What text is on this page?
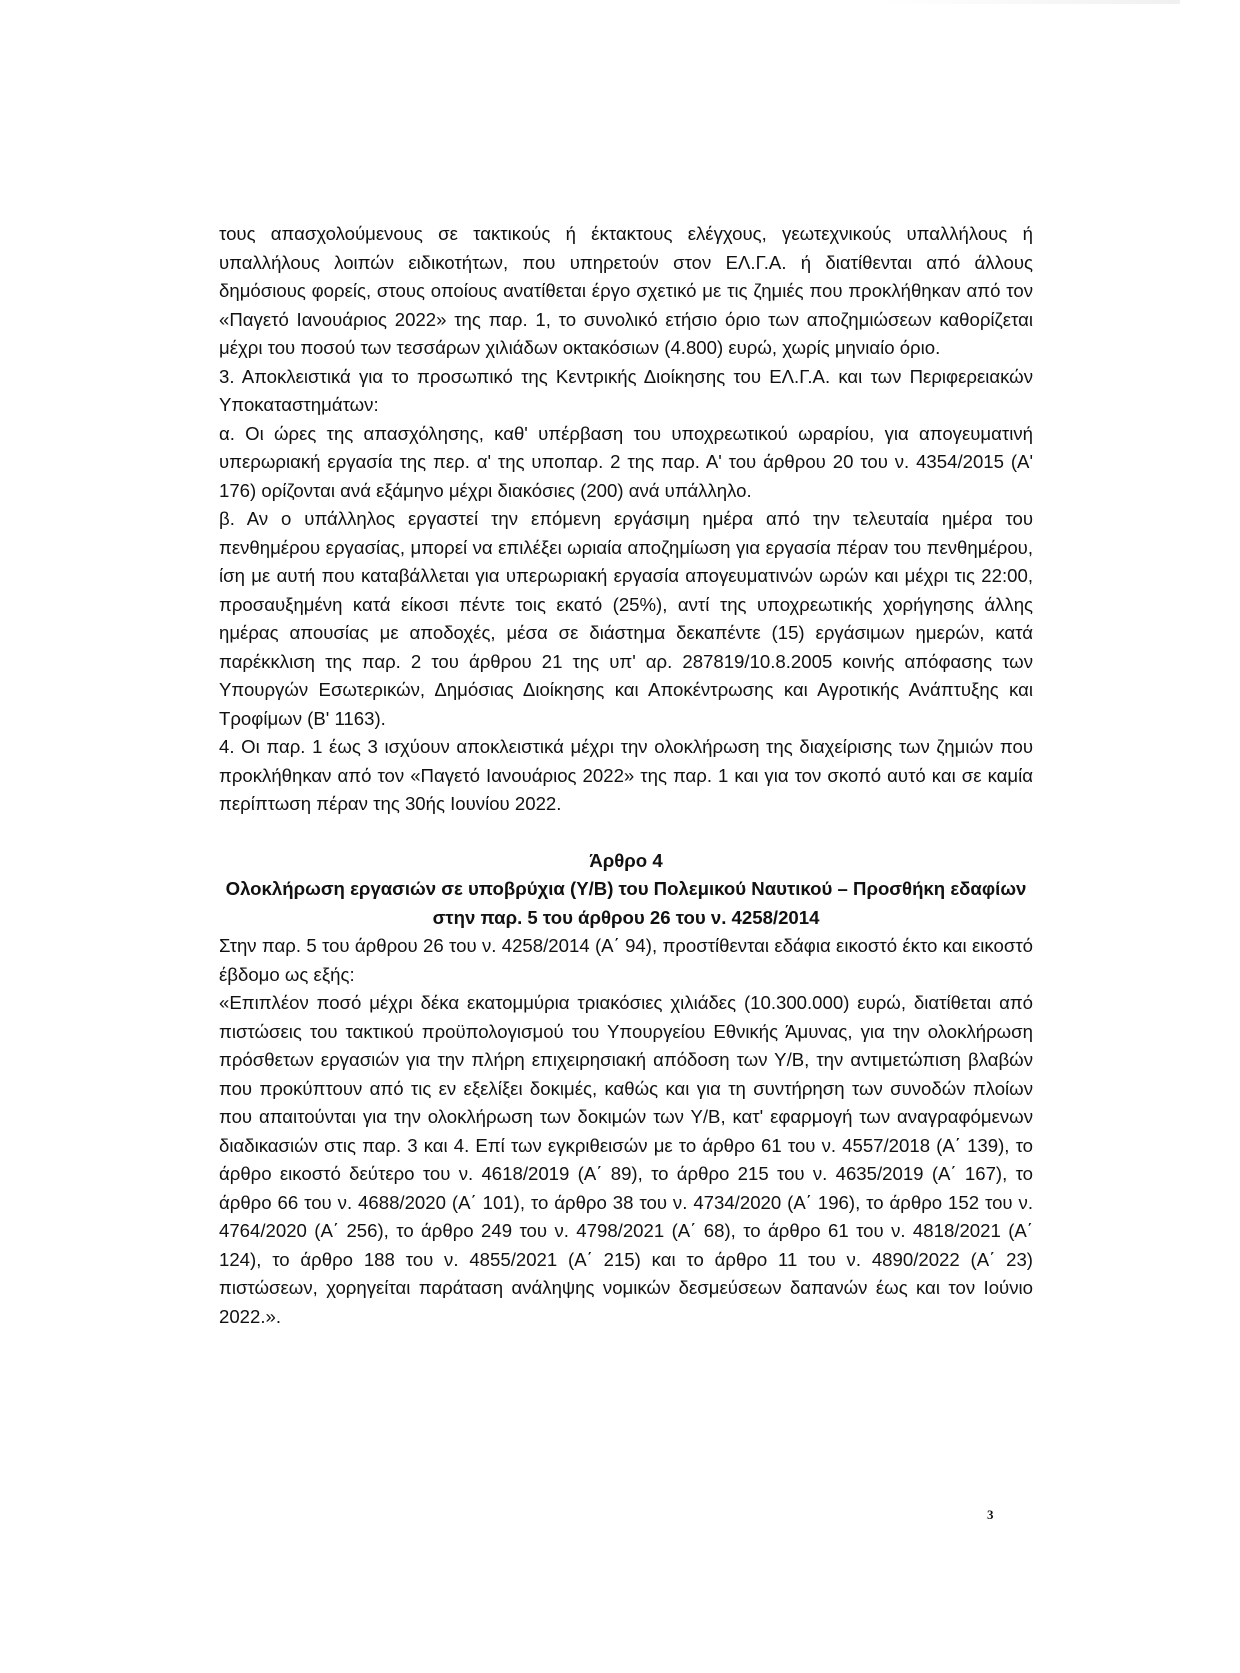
τους απασχολούμενους σε τακτικούς ή έκτακτους ελέγχους, γεωτεχνικούς υπαλλήλους ή υπαλλήλους λοιπών ειδικοτήτων, που υπηρετούν στον ΕΛ.Γ.Α. ή διατίθενται από άλλους δημόσιους φορείς, στους οποίους ανατίθεται έργο σχετικό με τις ζημιές που προκλήθηκαν από τον «Παγετό Ιανουάριος 2022» της παρ. 1, το συνολικό ετήσιο όριο των αποζημιώσεων καθορίζεται μέχρι του ποσού των τεσσάρων χιλιάδων οκτακόσιων (4.800) ευρώ, χωρίς μηνιαίο όριο.

3. Αποκλειστικά για το προσωπικό της Κεντρικής Διοίκησης του ΕΛ.Γ.Α. και των Περιφερειακών Υποκαταστημάτων:

α. Οι ώρες της απασχόλησης, καθ' υπέρβαση του υποχρεωτικού ωραρίου, για απογευματινή υπερωριακή εργασία της περ. α' της υποπαρ. 2 της παρ. Α' του άρθρου 20 του ν. 4354/2015 (Α' 176) ορίζονται ανά εξάμηνο μέχρι διακόσιες (200) ανά υπάλληλο.

β. Αν ο υπάλληλος εργαστεί την επόμενη εργάσιμη ημέρα από την τελευταία ημέρα του πενθημέρου εργασίας, μπορεί να επιλέξει ωριαία αποζημίωση για εργασία πέραν του πενθημέρου, ίση με αυτή που καταβάλλεται για υπερωριακή εργασία απογευματινών ωρών και μέχρι τις 22:00, προσαυξημένη κατά είκοσι πέντε τοις εκατό (25%), αντί της υποχρεωτικής χορήγησης άλλης ημέρας απουσίας με αποδοχές, μέσα σε διάστημα δεκαπέντε (15) εργάσιμων ημερών, κατά παρέκκλιση της παρ. 2 του άρθρου 21 της υπ' αρ. 287819/10.8.2005 κοινής απόφασης των Υπουργών Εσωτερικών, Δημόσιας Διοίκησης και Αποκέντρωσης και Αγροτικής Ανάπτυξης και Τροφίμων (Β' 1163).

4. Οι παρ. 1 έως 3 ισχύουν αποκλειστικά μέχρι την ολοκλήρωση της διαχείρισης των ζημιών που προκλήθηκαν από τον «Παγετό Ιανουάριος 2022» της παρ. 1 και για τον σκοπό αυτό και σε καμία περίπτωση πέραν της 30ής Ιουνίου 2022.

Άρθρο 4

Ολοκλήρωση εργασιών σε υποβρύχια (Υ/Β) του Πολεμικού Ναυτικού – Προσθήκη εδαφίων

στην παρ. 5 του άρθρου 26 του ν. 4258/2014

Στην παρ. 5 του άρθρου 26 του ν. 4258/2014 (Α΄ 94), προστίθενται εδάφια εικοστό έκτο και εικοστό έβδομο ως εξής:

«Επιπλέον ποσό μέχρι δέκα εκατομμύρια τριακόσιες χιλιάδες (10.300.000) ευρώ, διατίθεται από πιστώσεις του τακτικού προϋπολογισμού του Υπουργείου Εθνικής Άμυνας, για την ολοκλήρωση πρόσθετων εργασιών για την πλήρη επιχειρησιακή απόδοση των Υ/Β, την αντιμετώπιση βλαβών που προκύπτουν από τις εν εξελίξει δοκιμές, καθώς και για τη συντήρηση των συνοδών πλοίων που απαιτούνται για την ολοκλήρωση των δοκιμών των Υ/Β, κατ' εφαρμογή των αναγραφόμενων διαδικασιών στις παρ. 3 και 4. Επί των εγκριθεισών με το άρθρο 61 του ν. 4557/2018 (Α΄ 139), το άρθρο εικοστό δεύτερο του ν. 4618/2019 (Α΄ 89), το άρθρο 215 του ν. 4635/2019 (Α΄ 167), το άρθρο 66 του ν. 4688/2020 (Α΄ 101), το άρθρο 38 του ν. 4734/2020 (Α΄ 196), το άρθρο 152 του ν. 4764/2020 (Α΄ 256), το άρθρο 249 του ν. 4798/2021 (Α΄ 68), το άρθρο 61 του ν. 4818/2021 (Α΄ 124), το άρθρο 188 του ν. 4855/2021 (Α΄ 215) και το άρθρο 11 του ν. 4890/2022 (Α΄ 23) πιστώσεων, χορηγείται παράταση ανάληψης νομικών δεσμεύσεων δαπανών έως και τον Ιούνιο 2022.».

3
